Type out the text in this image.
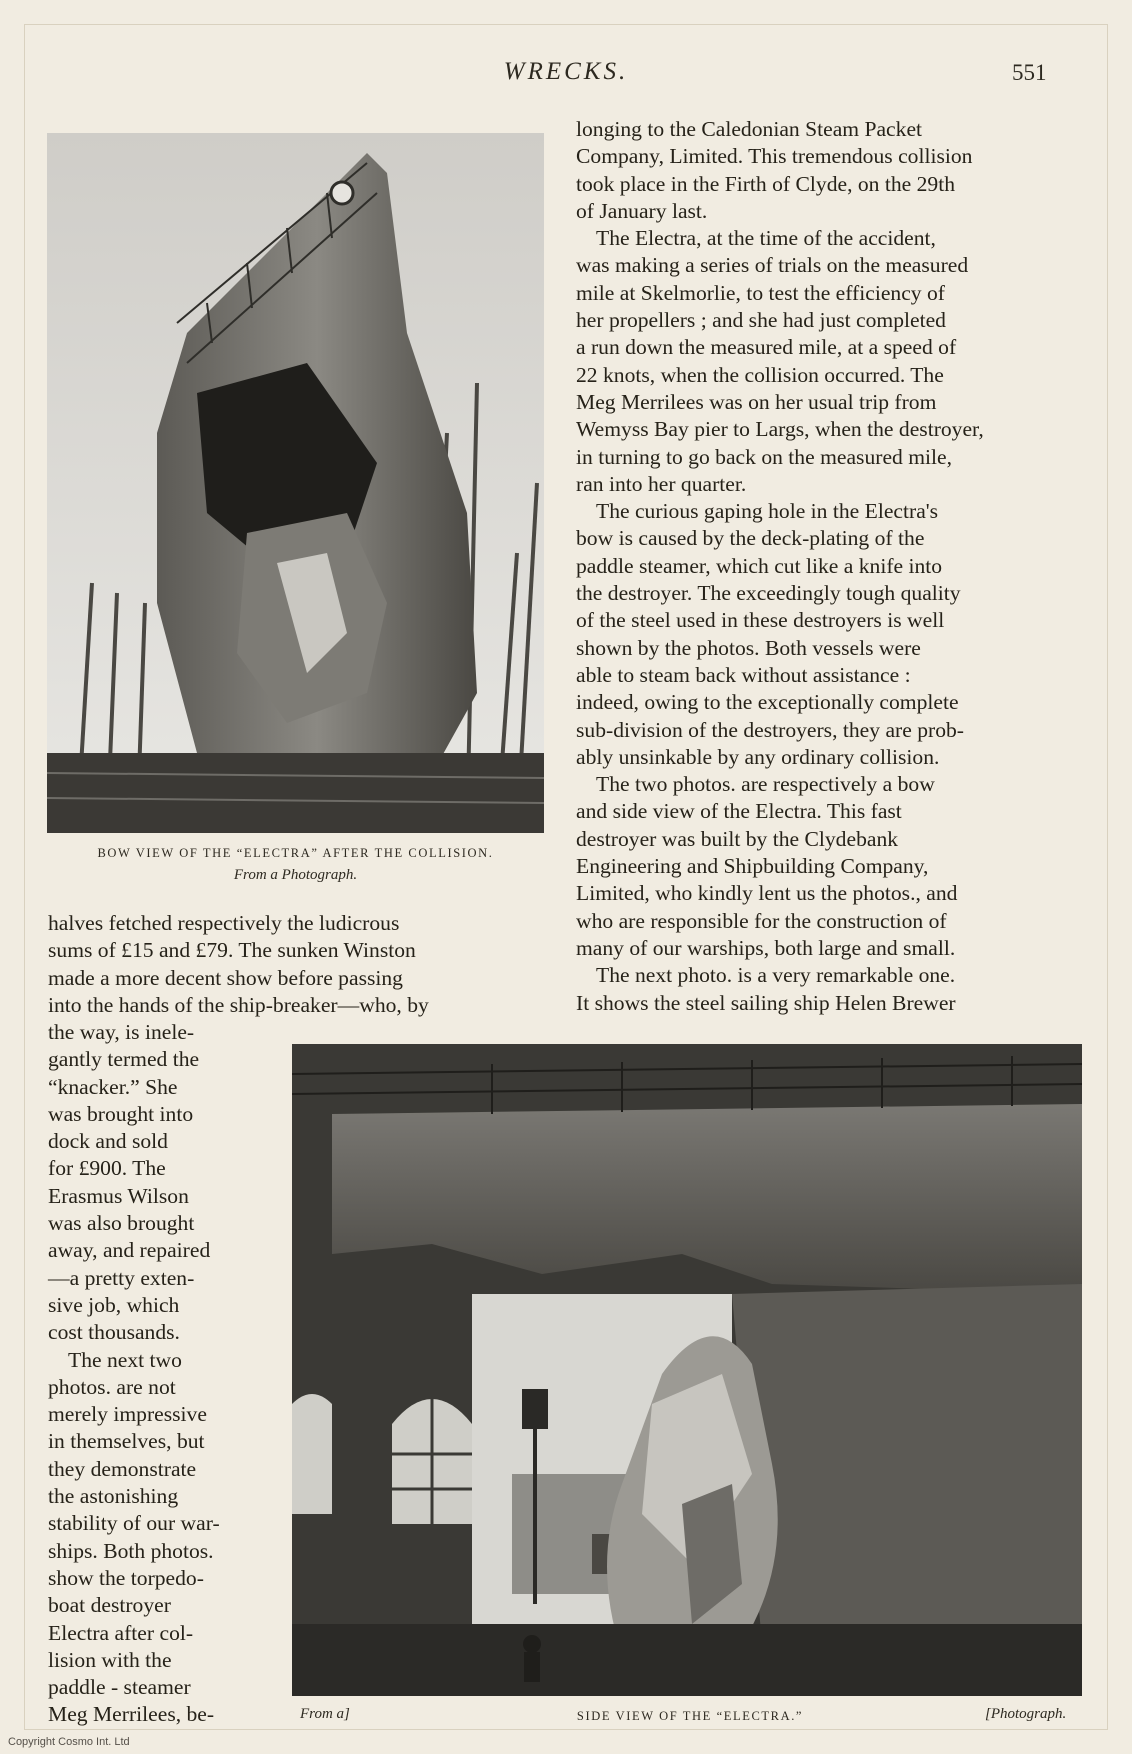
WRECKS.	551
BOW VIEW OF THE “ELECTRA” AFTER THE COLLISION.
From a Photograph.

longing to the Caledonian Steam Packet

Company, Limited. This tremendous collision

took place in the Firth of Clyde, on the 29th

of January last.

The Electra, at the time of the accident,

was making a series of trials on the measured

mile at Skelmorlie, to test the efficiency of

her propellers ; and she had just completed

a run down the measured mile, at a speed of

22 knots, when the collision occurred. The

Meg Merrilees was on her usual trip from

Wemyss Bay pier to Largs, when the destroyer,

in turning to go back on the measured mile,

ran into her quarter.

The curious gaping hole in the Electra's

bow is caused by the deck-plating of the

paddle steamer, which cut like a knife into

the destroyer. The exceedingly tough quality

of the steel used in these destroyers is well

shown by the photos. Both vessels were

able to steam back without assistance :

indeed, owing to the exceptionally complete

sub-division of the destroyers, they are prob-

ably unsinkable by any ordinary collision.

The two photos. are respectively a bow

and side view of the Electra. This fast

destroyer was built by the Clydebank

Engineering and Shipbuilding Company,

Limited, who kindly lent us the photos., and

who are responsible for the construction of

many of our warships, both large and small.

The next photo. is a very remarkable one.

It shows the steel sailing ship Helen Brewer

halves fetched respectively the ludicrous

sums of £15 and £79. The sunken Winston

made a more decent show before passing

into the hands of the ship-breaker—who, by

the way, is inele-

gantly termed the

“knacker.” She

was brought into

dock and sold

for £900. The

Erasmus Wilson

was also brought

away, and repaired

—a pretty exten-

sive job, which

cost thousands.

The next two

photos. are not

merely impressive

in themselves, but

they demonstrate

the astonishing

stability of our war-

ships. Both photos.

show the torpedo-

boat destroyer

Electra after col-

lision with the

paddle - steamer

Meg Merrilees, be-	From a]	SIDE VIEW OF THE “ELECTRA.”	[Photograph.
Copyright Cosmo Int. Ltd
